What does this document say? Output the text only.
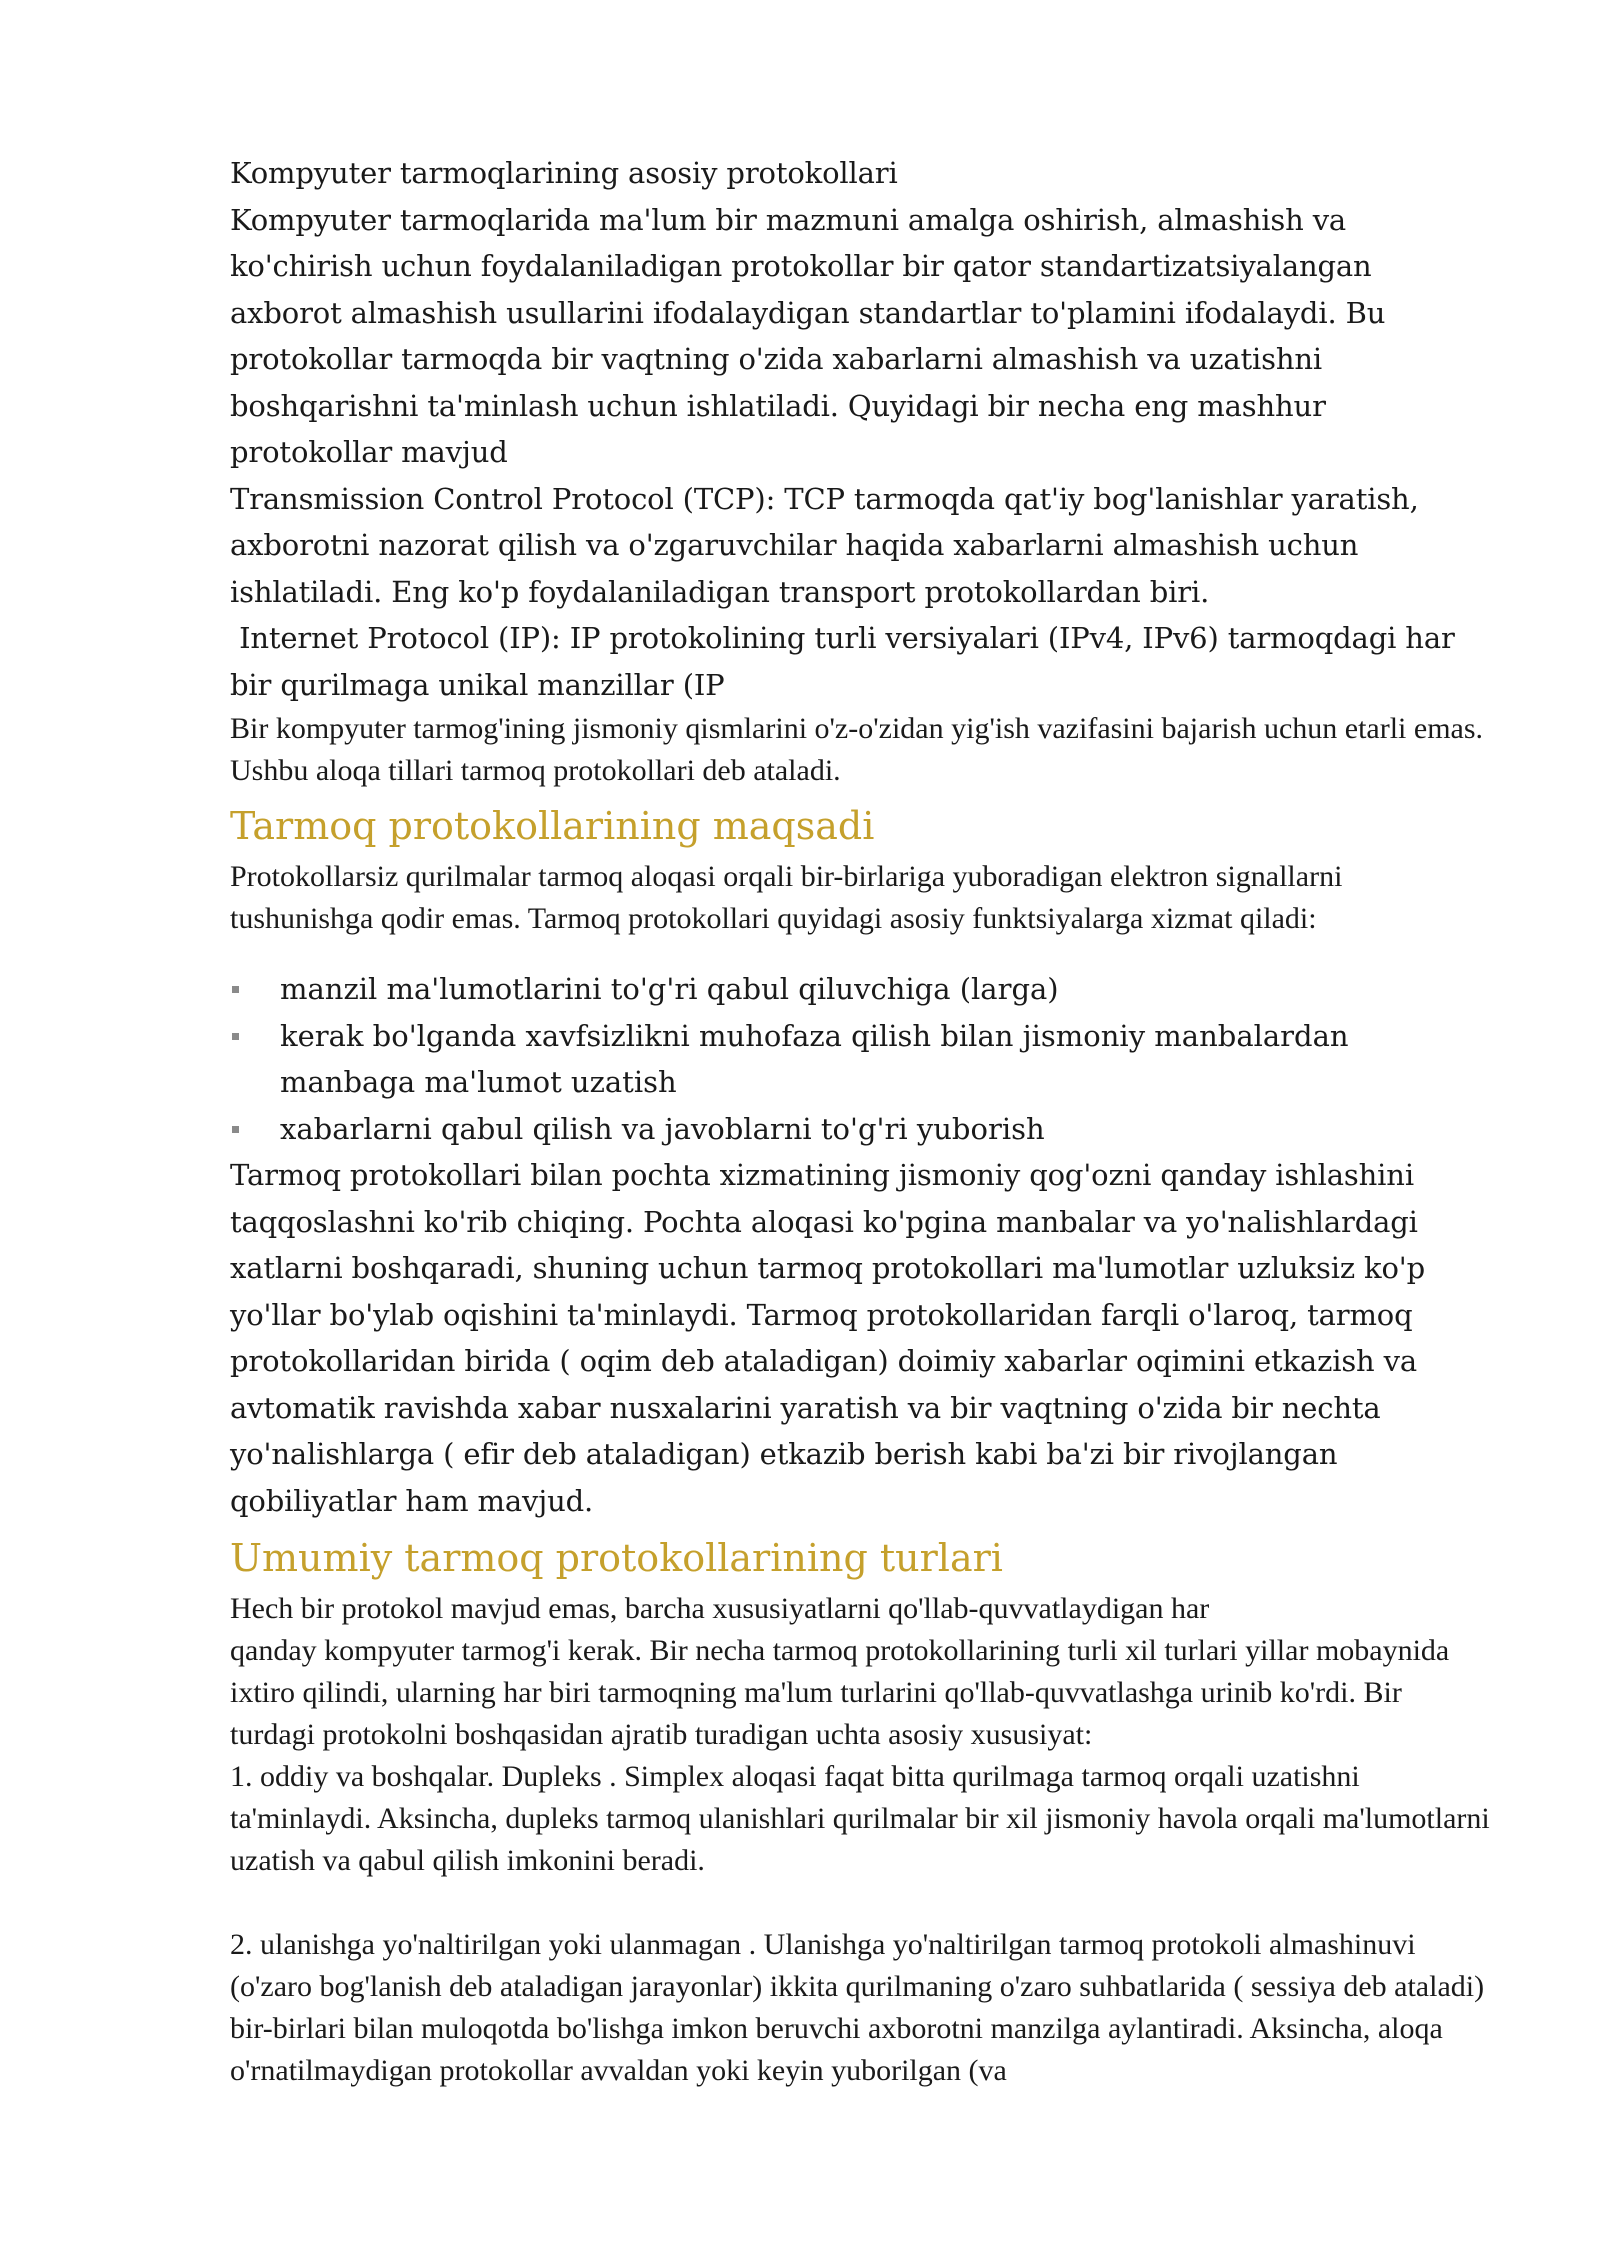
Kompyuter tarmoqlarining asosiy protokollari

Kompyuter tarmoqlarida ma'lum bir mazmuni amalga oshirish, almashish va ko'chirish uchun foydalaniladigan protokollar bir qator standartizatsiyalangan axborot almashish usullarini ifodalaydigan standartlar to'plamini ifodalaydi. Bu protokollar tarmoqda bir vaqtning o'zida xabarlarni almashish va uzatishni boshqarishni ta'minlash uchun ishlatiladi. Quyidagi bir necha eng mashhur protokollar mavjud

Transmission Control Protocol (TCP): TCP tarmoqda qat'iy bog'lanishlar yaratish, axborotni nazorat qilish va o'zgaruvchilar haqida xabarlarni almashish uchun ishlatiladi. Eng ko'p foydalaniladigan transport protokollardan biri.

Internet Protocol (IP): IP protokolining turli versiyalari (IPv4, IPv6) tarmoqdagi har bir qurilmaga unikal manzillar (IP

Bir kompyuter tarmog'ining jismoniy qismlarini o'z-o'zidan yig'ish vazifasini bajarish uchun etarli emas. Ushbu aloqa tillari tarmoq protokollari deb ataladi.

Tarmoq protokollarining maqsadi

Protokollarsiz qurilmalar tarmoq aloqasi orqali bir-birlariga yuboradigan elektron signallarni tushunishga qodir emas. Tarmoq protokollari quyidagi asosiy funktsiyalarga xizmat qiladi:

manzil ma'lumotlarini to'g'ri qabul qiluvchiga (larga)
kerak bo'lganda xavfsizlikni muhofaza qilish bilan jismoniy manbalardan manbaga ma'lumot uzatish
xabarlarni qabul qilish va javoblarni to'g'ri yuborish

Tarmoq protokollari bilan pochta xizmatining jismoniy qog'ozni qanday ishlashini taqqoslashni ko'rib chiqing. Pochta aloqasi ko'pgina manbalar va yo'nalishlardagi xatlarni boshqaradi, shuning uchun tarmoq protokollari ma'lumotlar uzluksiz ko'p yo'llar bo'ylab oqishini ta'minlaydi. Tarmoq protokollaridan farqli o'laroq, tarmoq protokollaridan birida ( oqim deb ataladigan) doimiy xabarlar oqimini etkazish va avtomatik ravishda xabar nusxalarini yaratish va bir vaqtning o'zida bir nechta yo'nalishlarga ( efir deb ataladigan) etkazib berish kabi ba'zi bir rivojlangan qobiliyatlar ham mavjud.

Umumiy tarmoq protokollarining turlari

Hech bir protokol mavjud emas, barcha xususiyatlarni qo'llab-quvvatlaydigan har

qanday kompyuter tarmog'i kerak. Bir necha tarmoq protokollarining turli xil turlari yillar mobaynida ixtiro qilindi, ularning har biri tarmoqning ma'lum turlarini qo'llab-quvvatlashga urinib ko'rdi. Bir turdagi protokolni boshqasidan ajratib turadigan uchta asosiy xususiyat:

1. oddiy va boshqalar. Dupleks . Simplex aloqasi faqat bitta qurilmaga tarmoq orqali uzatishni ta'minlaydi. Aksincha, dupleks tarmoq ulanishlari qurilmalar bir xil jismoniy havola orqali ma'lumotlarni uzatish va qabul qilish imkonini beradi.

2. ulanishga yo'naltirilgan yoki ulanmagan . Ulanishga yo'naltirilgan tarmoq protokoli almashinuvi (o'zaro bog'lanish deb ataladigan jarayonlar) ikkita qurilmaning o'zaro suhbatlarida ( sessiya deb ataladi) bir-birlari bilan muloqotda bo'lishga imkon beruvchi axborotni manzilga aylantiradi. Aksincha, aloqa o'rnatilmaydigan protokollar avvaldan yoki keyin yuborilgan (va
